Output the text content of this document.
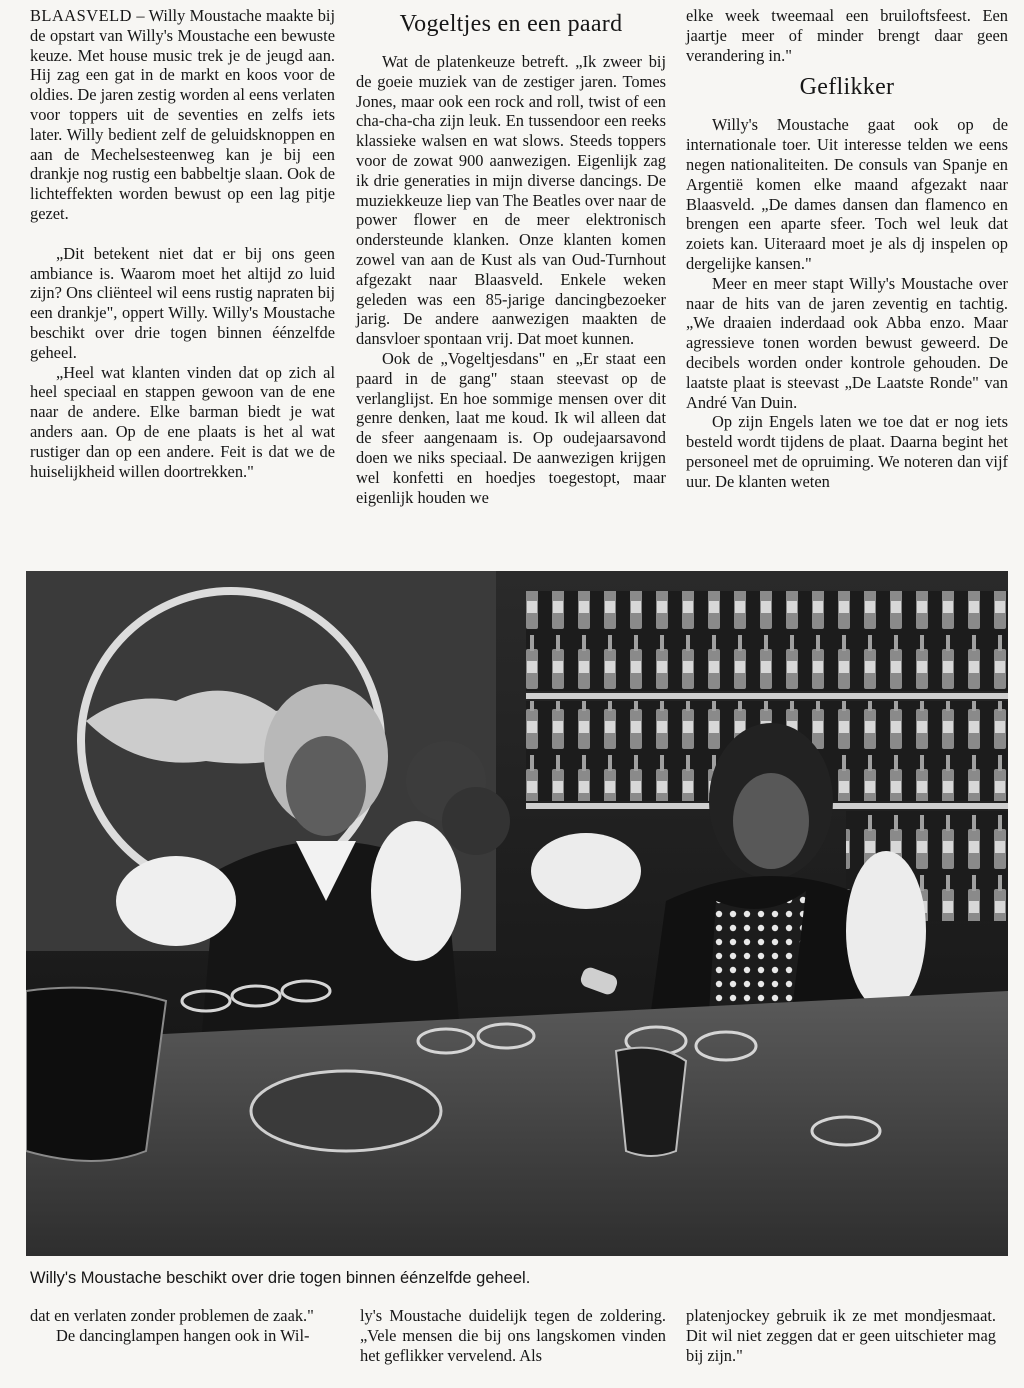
BLAASVELD – Willy Moustache maakte bij de opstart van Willy's Moustache een bewuste keuze. Met house music trek je de jeugd aan. Hij zag een gat in de markt en koos voor de oldies. De jaren zestig worden al eens verlaten voor toppers uit de seventies en zelfs iets later. Willy bedient zelf de geluidsknoppen en aan de Mechelsesteenweg kan je bij een drankje nog rustig een babbeltje slaan. Ook de lichteffekten worden bewust op een lag pitje gezet.

„Dit betekent niet dat er bij ons geen ambiance is. Waarom moet het altijd zo luid zijn? Ons cliënteel wil eens rustig napraten bij een drankje", oppert Willy. Willy's Moustache beschikt over drie togen binnen éénzelfde geheel.

„Heel wat klanten vinden dat op zich al heel speciaal en stappen gewoon van de ene naar de andere. Elke barman biedt je wat anders aan. Op de ene plaats is het al wat rustiger dan op een andere. Feit is dat we de huiselijkheid willen doortrekken."

Vogeltjes en een paard

Wat de platenkeuze betreft. „Ik zweer bij de goeie muziek van de zestiger jaren. Tomes Jones, maar ook een rock and roll, twist of een cha-cha-cha zijn leuk. En tussendoor een reeks klassieke walsen en wat slows. Steeds toppers voor de zowat 900 aanwezigen. Eigenlijk zag ik drie generaties in mijn diverse dancings. De muziekkeuze liep van The Beatles over naar de power flower en de meer elektronisch ondersteunde klanken. Onze klanten komen zowel van aan de Kust als van Oud-Turnhout afgezakt naar Blaasveld. Enkele weken geleden was een 85-jarige dancingbezoeker jarig. De andere aanwezigen maakten de dansvloer spontaan vrij. Dat moet kunnen.

Ook de „Vogeltjesdans" en „Er staat een paard in de gang" staan steevast op de verlanglijst. En hoe sommige mensen over dit genre denken, laat me koud. Ik wil alleen dat de sfeer aangenaam is. Op oudejaarsavond doen we niks speciaal. De aanwezigen krijgen wel konfetti en hoedjes toegestopt, maar eigenlijk houden we

elke week tweemaal een bruiloftsfeest. Een jaartje meer of minder brengt daar geen verandering in."

Geflikker

Willy's Moustache gaat ook op de internationale toer. Uit interesse telden we eens negen nationaliteiten. De consuls van Spanje en Argentië komen elke maand afgezakt naar Blaasveld. „De dames dansen dan flamenco en brengen een aparte sfeer. Toch wel leuk dat zoiets kan. Uiteraard moet je als dj inspelen op dergelijke kansen."

Meer en meer stapt Willy's Moustache over naar de hits van de jaren zeventig en tachtig. „We draaien inderdaad ook Abba enzo. Maar agressieve tonen worden bewust geweerd. De decibels worden onder kontrole gehouden. De laatste plaat is steevast „De Laatste Ronde" van André Van Duin.

Op zijn Engels laten we toe dat er nog iets besteld wordt tijdens de plaat. Daarna begint het personeel met de opruiming. We noteren dan vijf uur. De klanten weten

Willy's Moustache beschikt over drie togen binnen éénzelfde geheel.

dat en verlaten zonder problemen de zaak."

De dancinglampen hangen ook in Wil-

ly's Moustache duidelijk tegen de zoldering. „Vele mensen die bij ons langskomen vinden het geflikker vervelend. Als

platenjockey gebruik ik ze met mondjesmaat. Dit wil niet zeggen dat er geen uitschieter mag bij zijn."
